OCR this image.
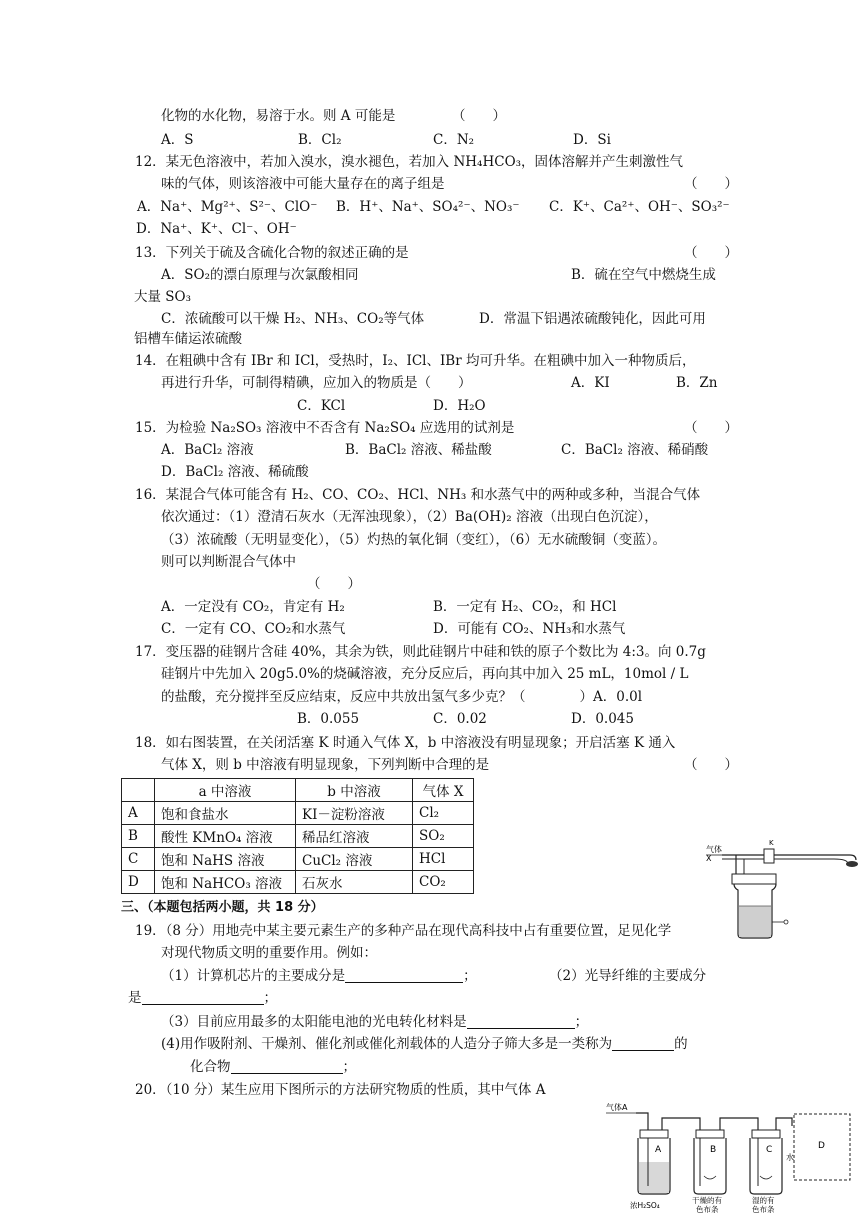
化物的水化物，易溶于水。则 A 可能是	（　　）
A．S	B．Cl₂	C．N₂	D．Si
12．某无色溶液中，若加入溴水，溴水褪色，若加入 NH₄HCO₃，固体溶解并产生刺激性气
味的气体，则该溶液中可能大量存在的离子组是	（　　）
A．Na⁺、Mg²⁺、S²⁻、ClO⁻ B．H⁺、Na⁺、SO₄²⁻、NO₃⁻ C．K⁺、Ca²⁺、OH⁻、SO₃²⁻
D．Na⁺、K⁺、Cl⁻、OH⁻
13．下列关于硫及含硫化合物的叙述正确的是	（　　）
A．SO₂的漂白原理与次氯酸相同	B．硫在空气中燃烧生成
大量 SO₃
C．浓硫酸可以干燥 H₂、NH₃、CO₂等气体	D．常温下铝遇浓硫酸钝化，因此可用
铝槽车储运浓硫酸
14．在粗碘中含有 IBr 和 ICl，受热时，I₂、ICl、IBr 均可升华。在粗碘中加入一种物质后，
再进行升华，可制得精碘，应加入的物质是（　　）	A．KI	B．Zn
C．KCl	D．H₂O
15．为检验 Na₂SO₃ 溶液中不否含有 Na₂SO₄ 应选用的试剂是	（　　）
A．BaCl₂ 溶液	B．BaCl₂ 溶液、稀盐酸	C．BaCl₂ 溶液、稀硝酸
D．BaCl₂ 溶液、稀硫酸
16．某混合气体可能含有 H₂、CO、CO₂、HCl、NH₃ 和水蒸气中的两种或多种，当混合气体
依次通过：（1）澄清石灰水（无浑浊现象），（2）Ba(OH)₂ 溶液（出现白色沉淀），
（3）浓硫酸（无明显变化），（5）灼热的氧化铜（变红），（6）无水硫酸铜（变蓝）。
则可以判断混合气体中
（　　）
A．一定没有 CO₂，肯定有 H₂	B．一定有 H₂、CO₂，和 HCl
C．一定有 CO、CO₂和水蒸气	D．可能有 CO₂、NH₃和水蒸气
17．变压器的硅钢片含硅 40%，其余为铁，则此硅钢片中硅和铁的原子个数比为 4:3。向 0.7g
硅钢片中先加入 20g5.0%的烧碱溶液，充分反应后，再向其中加入 25 mL，10mol / L
的盐酸，充分搅拌至反应结束，反应中共放出氢气多少克？（　　　　）A．0.0l
B．0.055	C．0.02	D．0.045
18．如右图装置，在关闭活塞 K 时通入气体 X，b 中溶液没有明显现象；开启活塞 K 通入
气体 X，则 b 中溶液有明显现象，下列判断中合理的是	（　　）
	a 中溶液	b 中溶液	气体 X
A	饱和食盐水	KI－淀粉溶液	Cl₂
B	酸性 KMnO₄ 溶液	稀品红溶液	SO₂
C	饱和 NaHS 溶液	CuCl₂ 溶液	HCl
D	饱和 NaHCO₃ 溶液	石灰水	CO₂
气体
X
K
三、（本题包括两小题，共 18 分）
19．（8 分）用地壳中某主要元素生产的多种产品在现代高科技中占有重要位置，足见化学
对现代物质文明的重要作用。例如：
（1）计算机芯片的主要成分是	；	（2）光导纤维的主要成分
是	；
（3）目前应用最多的太阳能电池的光电转化材料是	；
(4)用作吸附剂、干燥剂、催化剂或催化剂载体的人造分子筛大多是一类称为	的
化合物	；
20．（10 分）某生应用下图所示的方法研究物质的性质，其中气体 A
气体A
A	B	C
水
D
浓H₂SO₄
干燥的有
色布条
湿的有
色布条
